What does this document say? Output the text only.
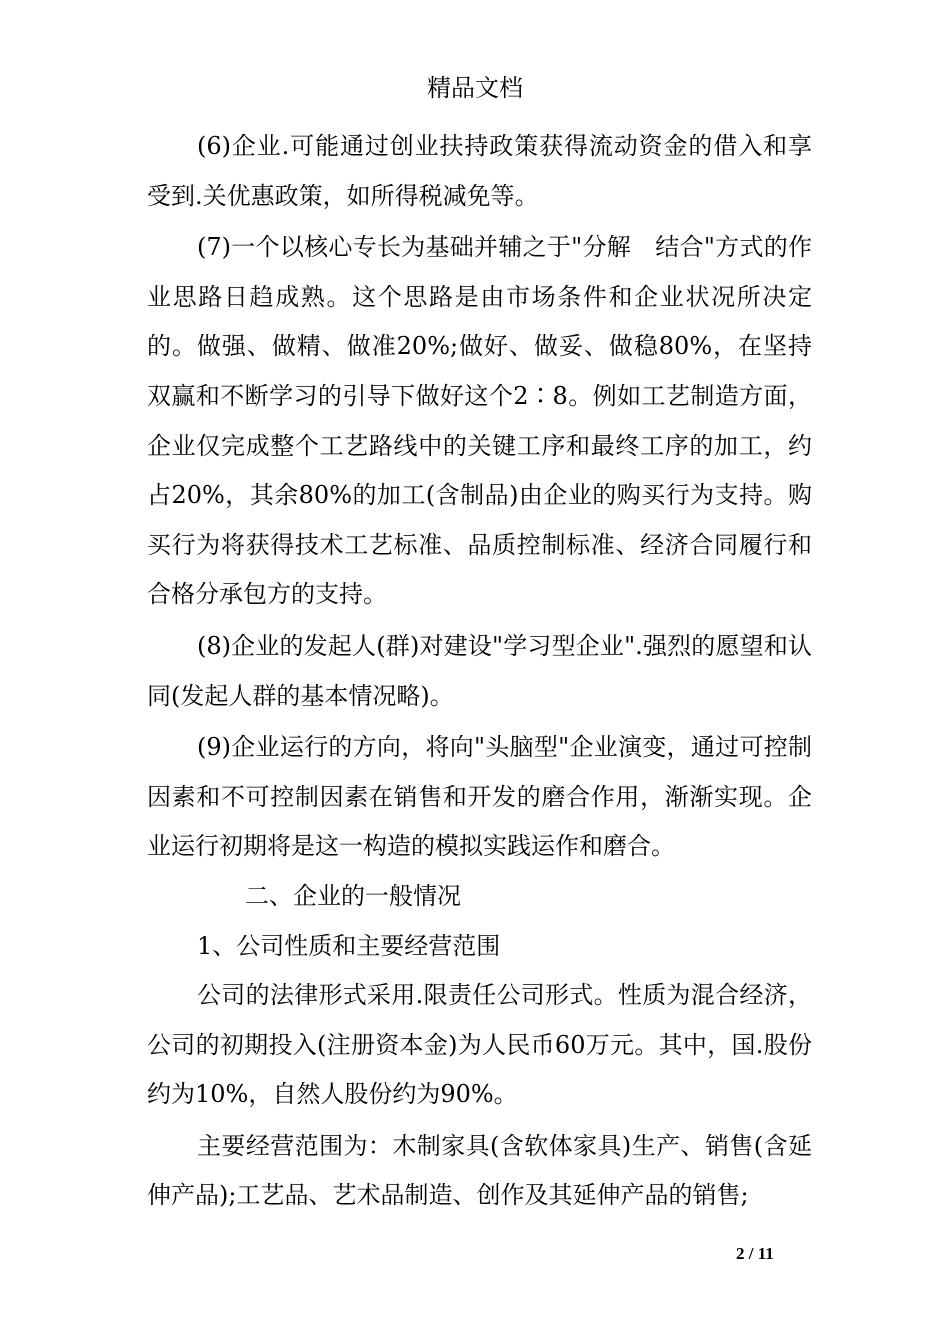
精品文档

(6)企业.可能通过创业扶持政策获得流动资金的借入和享受到.关优惠政策，如所得税减免等。

(7)一个以核心专长为基础并辅之于"分解　结合"方式的作业思路日趋成熟。这个思路是由市场条件和企业状况所决定的。做强、做精、做准20%;做好、做妥、做稳80%，在坚持双赢和不断学习的引导下做好这个2∶8。例如工艺制造方面，企业仅完成整个工艺路线中的关键工序和最终工序的加工，约占20%，其余80%的加工(含制品)由企业的购买行为支持。购买行为将获得技术工艺标准、品质控制标准、经济合同履行和合格分承包方的支持。

(8)企业的发起人(群)对建设"学习型企业".强烈的愿望和认同(发起人群的基本情况略)。

(9)企业运行的方向，将向"头脑型"企业演变，通过可控制因素和不可控制因素在销售和开发的磨合作用，渐渐实现。企业运行初期将是这一构造的模拟实践运作和磨合。

二、企业的一般情况

1、公司性质和主要经营范围

公司的法律形式采用.限责任公司形式。性质为混合经济，公司的初期投入(注册资本金)为人民币60万元。其中，国.股份约为10%，自然人股份约为90%。

主要经营范围为：木制家具(含软体家具)生产、销售(含延伸产品);工艺品、艺术品制造、创作及其延伸产品的销售;

2 / 11
